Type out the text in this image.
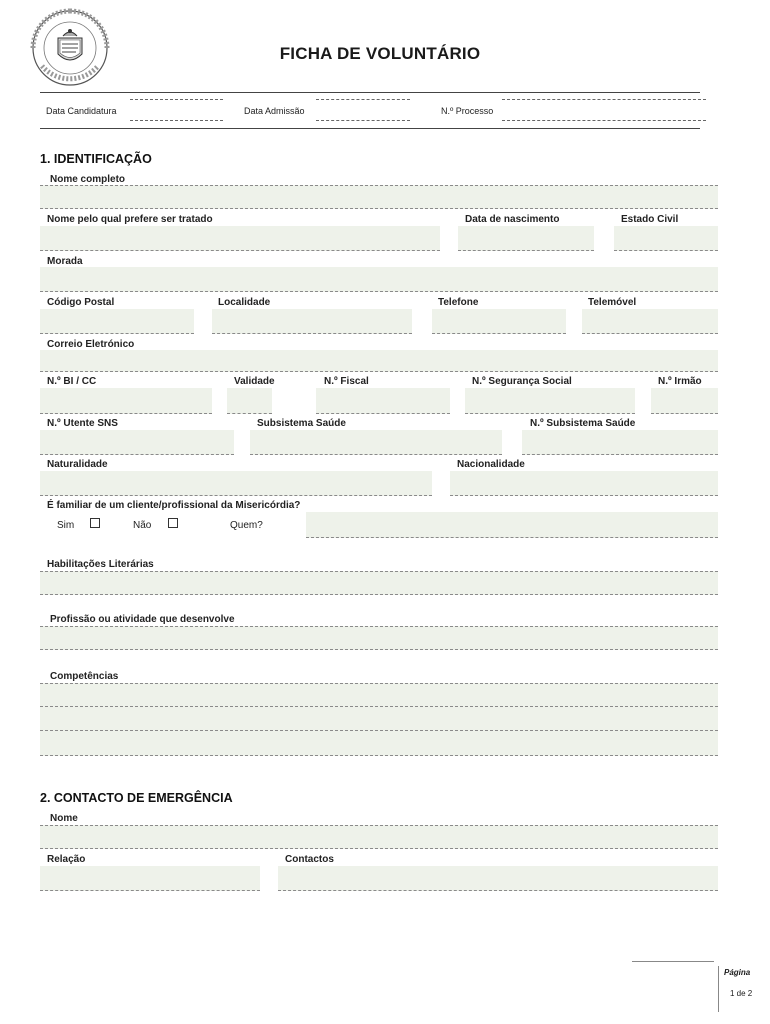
FICHA DE VOLUNTÁRIO
Data Candidatura	Data Admissão	N.º Processo
1. IDENTIFICAÇÃO
Nome completo
Nome pelo qual prefere ser tratado	Data de nascimento	Estado Civil
Morada
Código Postal	Localidade	Telefone	Telemóvel
Correio Eletrónico
N.º BI / CC	Validade	N.º Fiscal	N.º Segurança Social	N.º Irmão
N.º Utente SNS	Subsistema Saúde	N.º Subsistema Saúde
Naturalidade	Nacionalidade
É familiar de um cliente/profissional da Misericórdia?
Sim	Não	Quem?
Habilitações Literárias
Profissão ou atividade que desenvolve
Competências
2. CONTACTO DE EMERGÊNCIA
Nome
Relação	Contactos
Página
1 de 2
